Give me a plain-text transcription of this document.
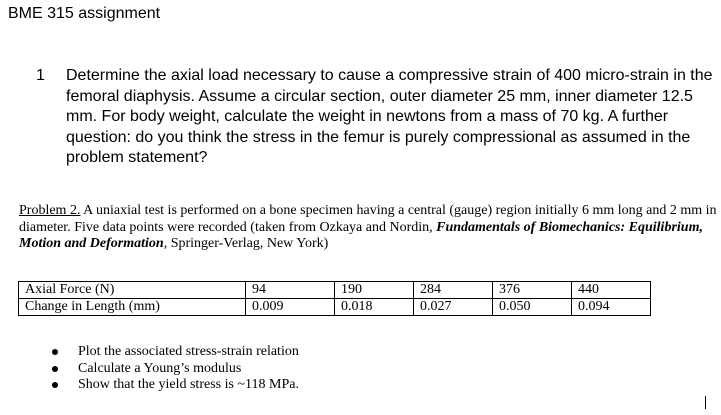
BME 315 assignment
1	Determine the axial load necessary to cause a compressive strain of 400 micro-strain in the femoral diaphysis. Assume a circular section, outer diameter 25 mm, inner diameter 12.5 mm. For body weight, calculate the weight in newtons from a mass of 70 kg. A further question: do you think the stress in the femur is purely compressional as assumed in the problem statement?
Problem 2. A uniaxial test is performed on a bone specimen having a central (gauge) region initially 6 mm long and 2 mm in diameter. Five data points were recorded (taken from Ozkaya and Nordin, Fundamentals of Biomechanics: Equilibrium, Motion and Deformation, Springer-Verlag, New York)
Axial Force (N)	94	190	284	376	440
Change in Length (mm)	0.009	0.018	0.027	0.050	0.094
Plot the associated stress-strain relation
Calculate a Young’s modulus
Show that the yield stress is ~118 MPa.
